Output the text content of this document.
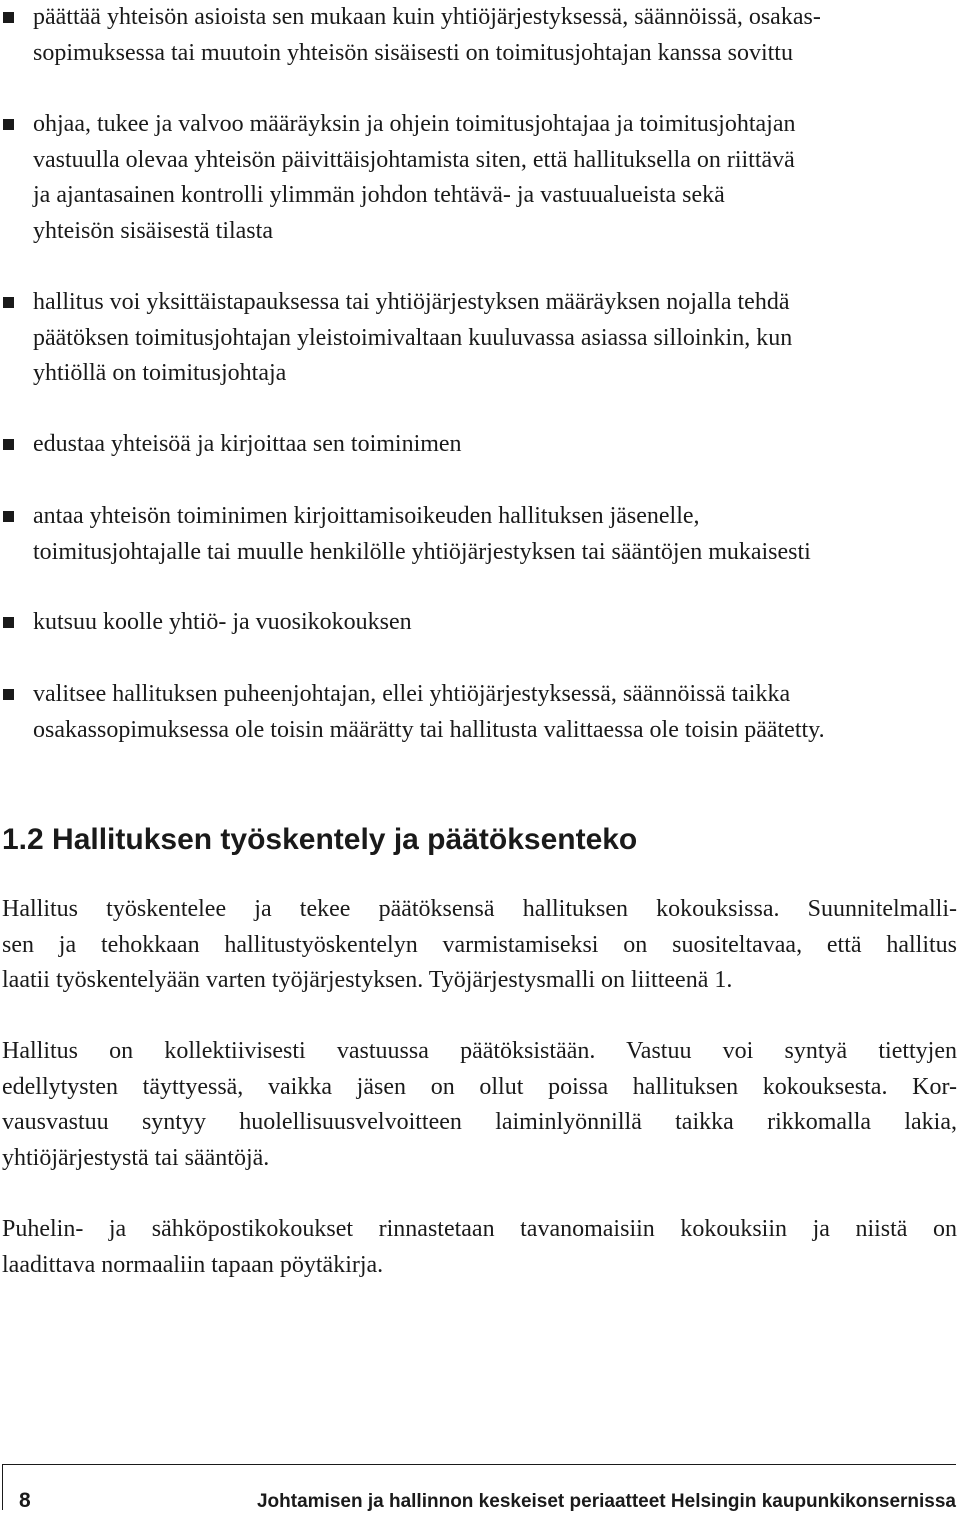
päättää yhteisön asioista sen mukaan kuin yhtiöjärjestyksessä, säännöissä, osakas-
sopimuksessa tai muutoin yhteisön sisäisesti on toimitusjohtajan kanssa sovittu
ohjaa, tukee ja valvoo määräyksin ja ohjein toimitusjohtajaa ja toimitusjohtajan
vastuulla olevaa yhteisön päivittäisjohtamista siten, että hallituksella on riittävä
ja ajantasainen kontrolli ylimmän johdon tehtävä- ja vastuualueista sekä
yhteisön sisäisestä tilasta
hallitus voi yksittäistapauksessa tai yhtiöjärjestyksen määräyksen nojalla tehdä
päätöksen toimitusjohtajan yleistoimivaltaan kuuluvassa asiassa silloinkin, kun
yhtiöllä on toimitusjohtaja
edustaa yhteisöä ja kirjoittaa sen toiminimen
antaa yhteisön toiminimen kirjoittamisoikeuden hallituksen jäsenelle,
toimitusjohtajalle tai muulle henkilölle yhtiöjärjestyksen tai sääntöjen mukaisesti
kutsuu koolle yhtiö- ja vuosikokouksen
valitsee hallituksen puheenjohtajan, ellei yhtiöjärjestyksessä, säännöissä taikka
osakassopimuksessa ole toisin määrätty tai hallitusta valittaessa ole toisin päätetty.
1.2 Hallituksen työskentely ja päätöksenteko

Hallitus työskentelee ja tekee päätöksensä hallituksen kokouksissa. Suunnitelmalli-
sen ja tehokkaan hallitustyöskentelyn varmistamiseksi on suositeltavaa, että hallitus
laatii työskentelyään varten työjärjestyksen. Työjärjestysmalli on liitteenä 1.

Hallitus on kollektiivisesti vastuussa päätöksistään. Vastuu voi syntyä tiettyjen
edellytysten täyttyessä, vaikka jäsen on ollut poissa hallituksen kokouksesta. Kor-
vausvastuu syntyy huolellisuusvelvoitteen laiminlyönnillä taikka rikkomalla lakia,
yhtiöjärjestystä tai sääntöjä.

Puhelin- ja sähköpostikokoukset rinnastetaan tavanomaisiin kokouksiin ja niistä on
laadittava normaaliin tapaan pöytäkirja.

8	Johtamisen ja hallinnon keskeiset periaatteet Helsingin kaupunkikonsernissa
